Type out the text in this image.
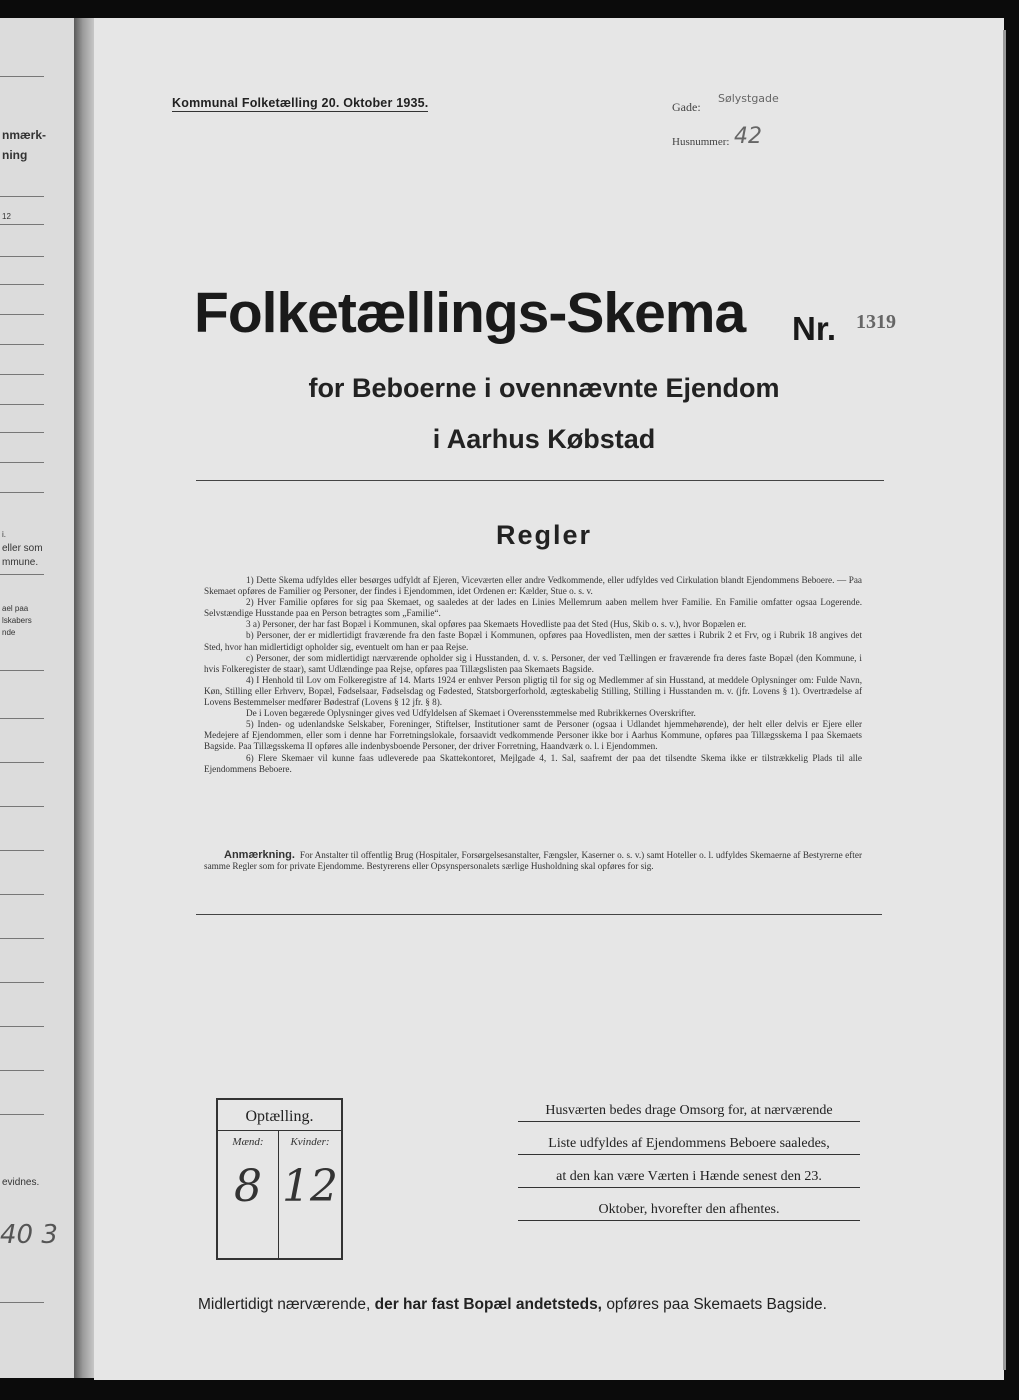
nmærk-
ning
12
i.
eller som
mmune.
ael paa
lskabers
nde
evidnes.
40 3
Kommunal Folketælling 20. Oktober 1935.	Gade:
Sølystgade
Husnummer: 42
Folketællings-Skema Nr. 1319
for Beboerne i ovennævnte Ejendom
i Aarhus Købstad
Regler

1) Dette Skema udfyldes eller besørges udfyldt af Ejeren, Viceværten eller andre Vedkommende, eller udfyldes ved Cirkulation blandt Ejendommens Beboere. — Paa Skemaet opføres de Familier og Personer, der findes i Ejendommen, idet Ordenen er: Kælder, Stue o. s. v.

2) Hver Familie opføres for sig paa Skemaet, og saaledes at der lades en Linies Mellemrum aaben mellem hver Familie. En Familie omfatter ogsaa Logerende. Selvstændige Husstande paa en Person betragtes som „Familie“.

3 a) Personer, der har fast Bopæl i Kommunen, skal opføres paa Skemaets Hovedliste paa det Sted (Hus, Skib o. s. v.), hvor Bopælen er.

b) Personer, der er midlertidigt fraværende fra den faste Bopæl i Kommunen, opføres paa Hovedlisten, men der sættes i Rubrik 2 et Frv, og i Rubrik 18 angives det Sted, hvor han midlertidigt opholder sig, eventuelt om han er paa Rejse.

c) Personer, der som midlertidigt nærværende opholder sig i Husstanden, d. v. s. Personer, der ved Tællingen er fraværende fra deres faste Bopæl (den Kommune, i hvis Folkeregister de staar), samt Udlændinge paa Rejse, opføres paa Tillægslisten paa Skemaets Bagside.

4) I Henhold til Lov om Folkeregistre af 14. Marts 1924 er enhver Person pligtig til for sig og Medlemmer af sin Husstand, at meddele Oplysninger om: Fulde Navn, Køn, Stilling eller Erhverv, Bopæl, Fødselsaar, Fødselsdag og Fødested, Statsborgerforhold, ægteskabelig Stilling, Stilling i Husstanden m. v. (jfr. Lovens § 1). Overtrædelse af Lovens Bestemmelser medfører Bødestraf (Lovens § 12 jfr. § 8).

De i Loven begærede Oplysninger gives ved Udfyldelsen af Skemaet i Overensstemmelse med Rubrikkernes Overskrifter.

5) Inden- og udenlandske Selskaber, Foreninger, Stiftelser, Institutioner samt de Personer (ogsaa i Udlandet hjemmehørende), der helt eller delvis er Ejere eller Medejere af Ejendommen, eller som i denne har Forretningslokale, forsaavidt vedkommende Personer ikke bor i Aarhus Kommune, opføres paa Tillægsskema I paa Skemaets Bagside. Paa Tillægsskema II opføres alle indenbysboende Personer, der driver Forretning, Haandværk o. l. i Ejendommen.

6) Flere Skemaer vil kunne faas udleverede paa Skattekontoret, Mejlgade 4, 1. Sal, saafremt der paa det tilsendte Skema ikke er tilstrækkelig Plads til alle Ejendommens Beboere.

Anmærkning. For Anstalter til offentlig Brug (Hospitaler, Forsørgelsesanstalter, Fængsler, Kaserner o. s. v.) samt Hoteller o. l. udfyldes Skemaerne af Bestyrerne efter samme Regler som for private Ejendomme. Bestyrerens eller Opsynspersonalets særlige Husholdning skal opføres for sig.

Optælling.
Mænd:
8
Kvinder:
12
Husværten bedes drage Omsorg for, at nærværende
Liste udfyldes af Ejendommens Beboere saaledes,
at den kan være Værten i Hænde senest den 23.
Oktober, hvorefter den afhentes.
Midlertidigt nærværende, der har fast Bopæl andetsteds, opføres paa Skemaets Bagside.
